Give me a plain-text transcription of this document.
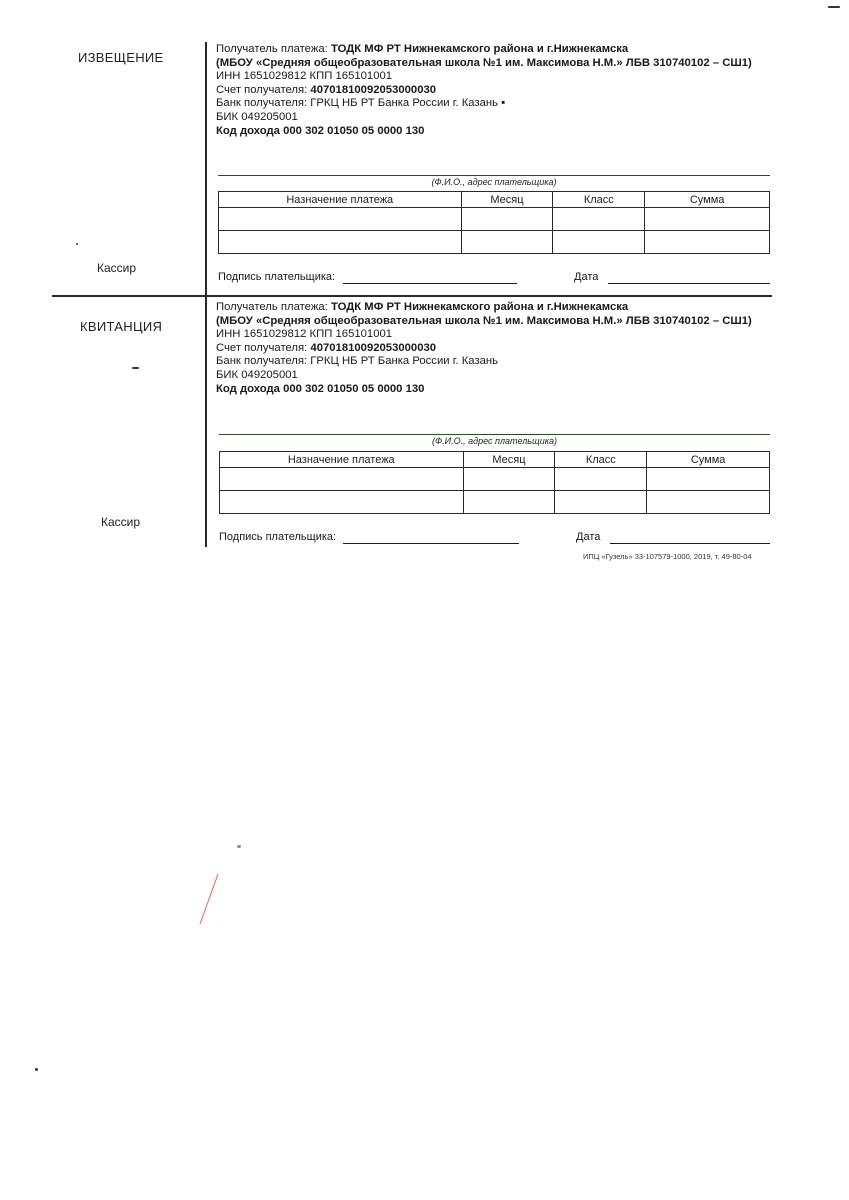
ИЗВЕЩЕНИЕ
Кассир
Получатель платежа: ТОДК МФ РТ Нижнекамского района и г.Нижнекамска
(МБОУ «Средняя общеобразовательная школа №1 им. Максимова Н.М.» ЛБВ 310740102 – СШ1)
ИНН 1651029812 КПП 165101001
Счет получателя: 40701810092053000030
Банк получателя: ГРКЦ НБ РТ Банка России г. Казань ▪
БИК 049205001
Код дохода 000 302 01050 05 0000 130
(Ф.И.О., адрес плательщика)
Назначение платежа	Месяц	Класс	Сумма

Подпись плательщика:	Дата
КВИТАНЦИЯ
Кассир
Получатель платежа: ТОДК МФ РТ Нижнекамского района и г.Нижнекамска
(МБОУ «Средняя общеобразовательная школа №1 им. Максимова Н.М.» ЛБВ 310740102 – СШ1)
ИНН 1651029812 КПП 165101001
Счет получателя: 40701810092053000030
Банк получателя: ГРКЦ НБ РТ Банка России г. Казань
БИК 049205001
Код дохода 000 302 01050 05 0000 130
(Ф.И.О., адрес плательщика)
Назначение платежа	Месяц	Класс	Сумма

Подпись плательщика:	Дата
ИПЦ «Гузель» 33-107579-1000, 2019, т. 49-80-04
